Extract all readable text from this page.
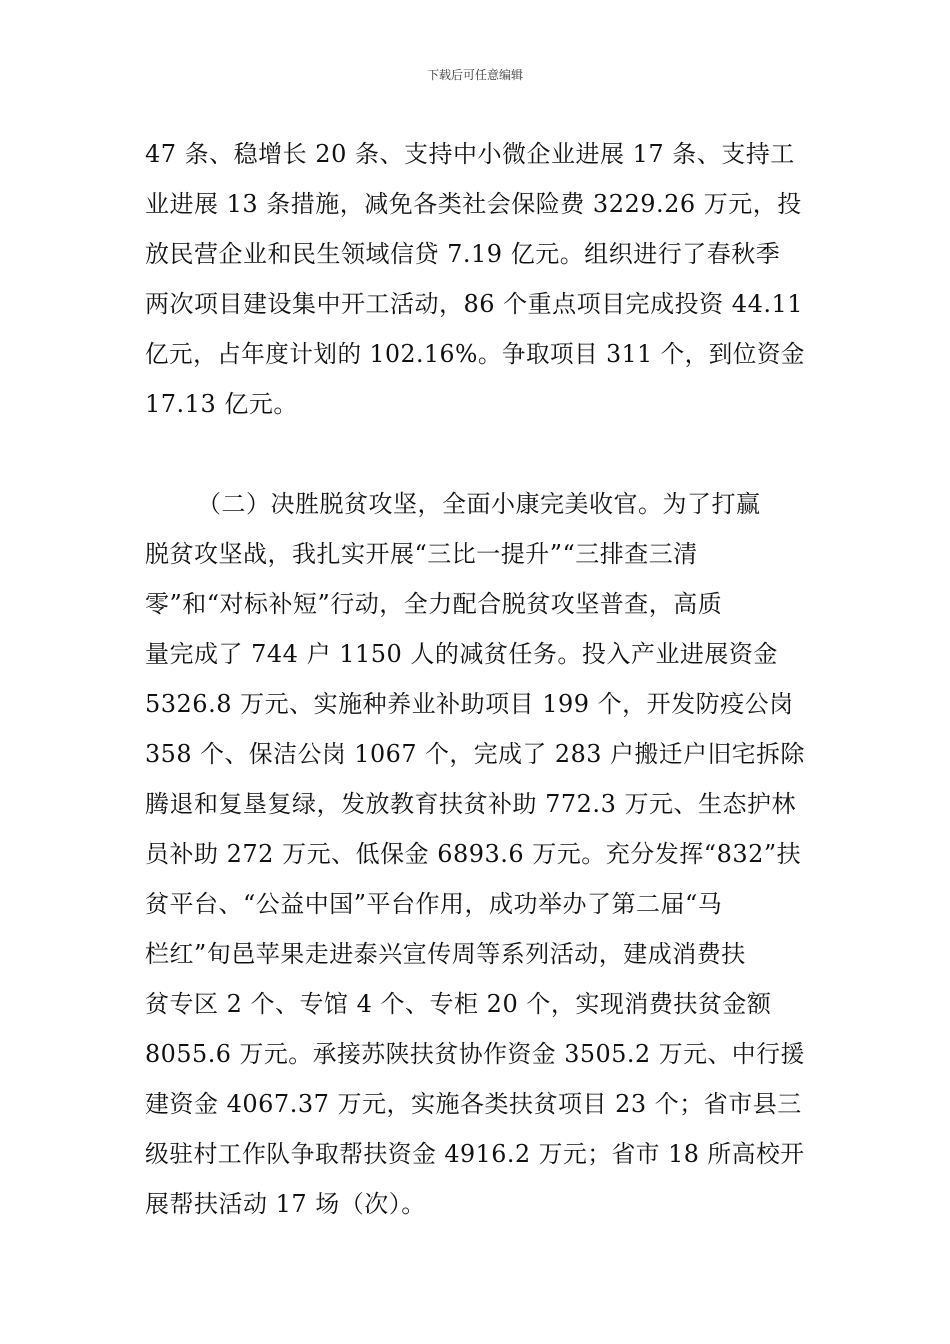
下载后可任意编辑
47 条、稳增长 20 条、支持中小微企业进展 17 条、支持工
业进展 13 条措施，减免各类社会保险费 3229.26 万元，投
放民营企业和民生领域信贷 7.19 亿元。组织进行了春秋季
两次项目建设集中开工活动，86 个重点项目完成投资 44.11
亿元，占年度计划的 102.16%。争取项目 311 个，到位资金
17.13 亿元。
（二）决胜脱贫攻坚，全面小康完美收官。为了打赢
脱贫攻坚战，我扎实开展“三比一提升”“三排查三清
零”和“对标补短”行动，全力配合脱贫攻坚普查，高质
量完成了 744 户 1150 人的减贫任务。投入产业进展资金
5326.8 万元、实施种养业补助项目 199 个，开发防疫公岗
358 个、保洁公岗 1067 个，完成了 283 户搬迁户旧宅拆除
腾退和复垦复绿，发放教育扶贫补助 772.3 万元、生态护林
员补助 272 万元、低保金 6893.6 万元。充分发挥“832”扶
贫平台、“公益中国”平台作用，成功举办了第二届“马
栏红”旬邑苹果走进泰兴宣传周等系列活动，建成消费扶
贫专区 2 个、专馆 4 个、专柜 20 个，实现消费扶贫金额
8055.6 万元。承接苏陕扶贫协作资金 3505.2 万元、中行援
建资金 4067.37 万元，实施各类扶贫项目 23 个；省市县三
级驻村工作队争取帮扶资金 4916.2 万元；省市 18 所高校开
展帮扶活动 17 场（次）。
